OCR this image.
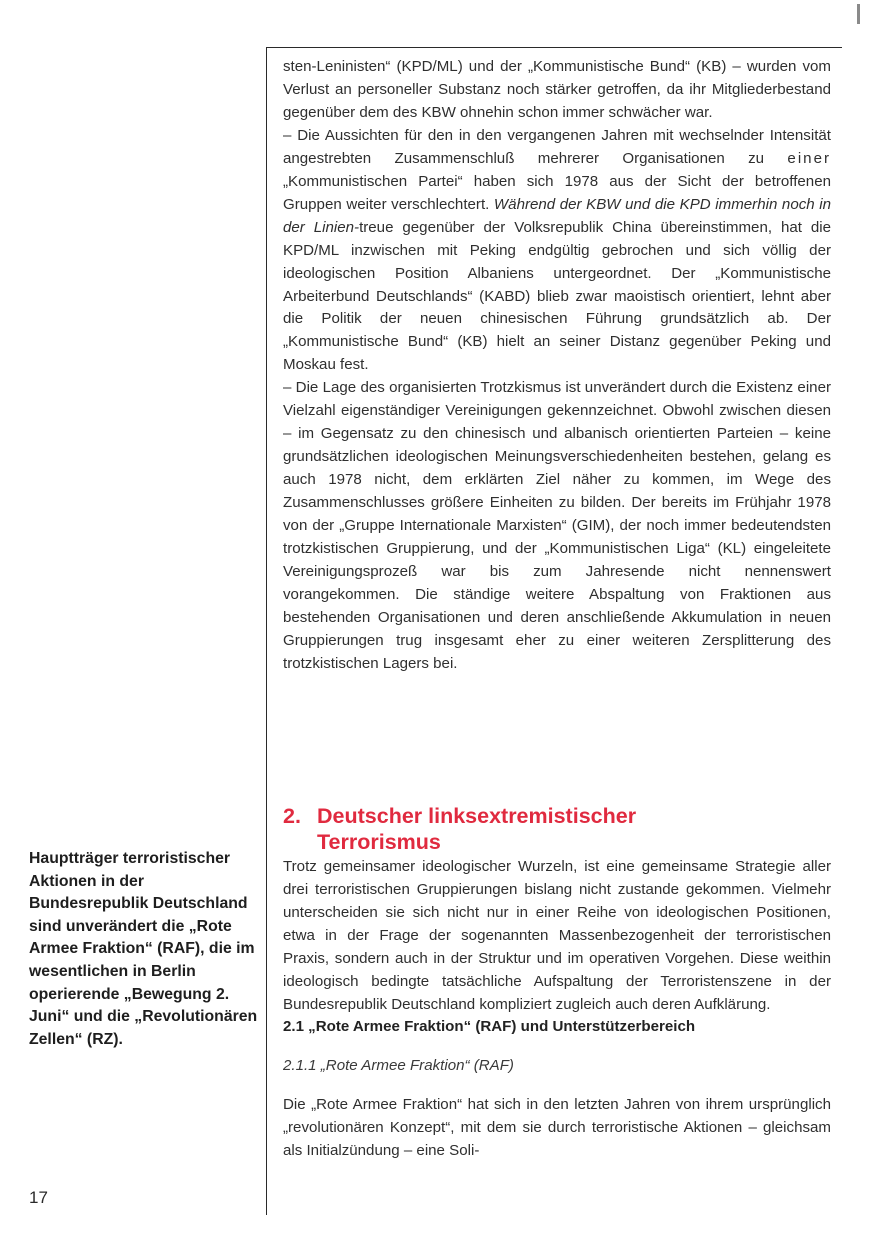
sten-Leninisten“ (KPD/ML) und der „Kommunistische Bund“ (KB) – wurden vom Verlust an personeller Substanz noch stärker getroffen, da ihr Mitgliederbestand gegenüber dem des KBW ohnehin schon immer schwächer war.

– Die Aussichten für den in den vergangenen Jahren mit wechselnder Intensität angestrebten Zusammenschluß mehrerer Organisationen zu einer „Kommunistischen Partei“ haben sich 1978 aus der Sicht der betroffenen Gruppen weiter verschlechtert. Während der KBW und die KPD immerhin noch in der Linien-treue gegenüber der Volksrepublik China übereinstimmen, hat die KPD/ML inzwischen mit Peking endgültig gebrochen und sich völlig der ideologischen Position Albaniens untergeordnet. Der „Kommunistische Arbeiterbund Deutschlands“ (KABD) blieb zwar maoistisch orientiert, lehnt aber die Politik der neuen chinesischen Führung grundsätzlich ab. Der „Kommunistische Bund“ (KB) hielt an seiner Distanz gegenüber Peking und Moskau fest.

– Die Lage des organisierten Trotzkismus ist unverändert durch die Existenz einer Vielzahl eigenständiger Vereinigungen gekennzeichnet. Obwohl zwischen diesen – im Gegensatz zu den chinesisch und albanisch orientierten Parteien – keine grundsätzlichen ideologischen Meinungsverschiedenheiten bestehen, gelang es auch 1978 nicht, dem erklärten Ziel näher zu kommen, im Wege des Zusammenschlusses größere Einheiten zu bilden. Der bereits im Frühjahr 1978 von der „Gruppe Internationale Marxisten“ (GIM), der noch immer bedeutendsten trotzkistischen Gruppierung, und der „Kommunistischen Liga“ (KL) eingeleitete Vereinigungsprozeß war bis zum Jahresende nicht nennenswert vorangekommen. Die ständige weitere Abspaltung von Fraktionen aus bestehenden Organisationen und deren anschließende Akkumulation in neuen Gruppierungen trug insgesamt eher zu einer weiteren Zersplitterung des trotzkistischen Lagers bei.

2. Deutscher linksextremistischer
Terrorismus

Trotz gemeinsamer ideologischer Wurzeln, ist eine gemeinsame Strategie aller drei terroristischen Gruppierungen bislang nicht zustande gekommen. Vielmehr unterscheiden sie sich nicht nur in einer Reihe von ideologischen Positionen, etwa in der Frage der sogenannten Massenbezogenheit der terroristischen Praxis, sondern auch in der Struktur und im operativen Vorgehen. Diese weithin ideologisch bedingte tatsächliche Aufspaltung der Terroristenszene in der Bundesrepublik Deutschland kompliziert zugleich auch deren Aufklärung.

2.1 „Rote Armee Fraktion“ (RAF) und Unterstützerbereich
2.1.1 „Rote Armee Fraktion“ (RAF)

Die „Rote Armee Fraktion“ hat sich in den letzten Jahren von ihrem ursprünglich „revolutionären Konzept“, mit dem sie durch terroristische Aktionen – gleichsam als Initialzündung – eine Soli-

Hauptträger terroristischer Aktionen in der Bundesrepublik Deutschland sind unverändert die „Rote Armee Fraktion“ (RAF), die im wesentlichen in Berlin operierende „Bewegung 2. Juni“ und die „Revolutionären Zellen“ (RZ).
17
